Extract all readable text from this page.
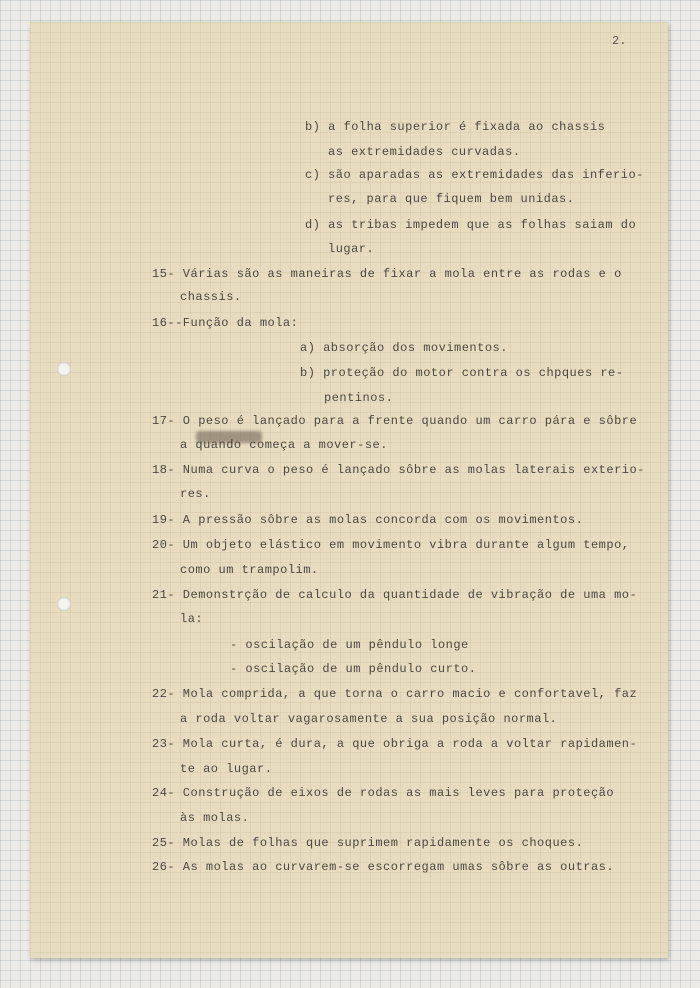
2.
b) a folha superior é fixada ao chassis
as extremidades curvadas.
c) são aparadas as extremidades das inferio-
res, para que fiquem bem unidas.
d) as tribas impedem que as folhas saiam do
lugar.
15- Várias são as maneiras de fixar a mola entre as rodas e o
chassis.
16--Função da mola:
a) absorção dos movimentos.
b) proteção do motor contra os chpques re-
pentinos.
17- O peso é lançado para a frente quando um carro pára e sôbre
a quando começa a mover-se.
18- Numa curva o peso é lançado sôbre as molas laterais exterio-
res.
19- A pressão sôbre as molas concorda com os movimentos.
20- Um objeto elástico em movimento vibra durante algum tempo,
como um trampolim.
21- Demonstrção de calculo da quantidade de vibração de uma mo-
la:
- oscilação de um pêndulo longe
- oscilação de um pêndulo curto.
22- Mola comprida, a que torna o carro macio e confortavel, faz
a roda voltar vagarosamente a sua posição normal.
23- Mola curta, é dura, a que obriga a roda a voltar rapidamen-
te ao lugar.
24- Construção de eixos de rodas as mais leves para proteção
às molas.
25- Molas de folhas que suprimem rapidamente os choques.
26- As molas ao curvarem-se escorregam umas sôbre as outras.
